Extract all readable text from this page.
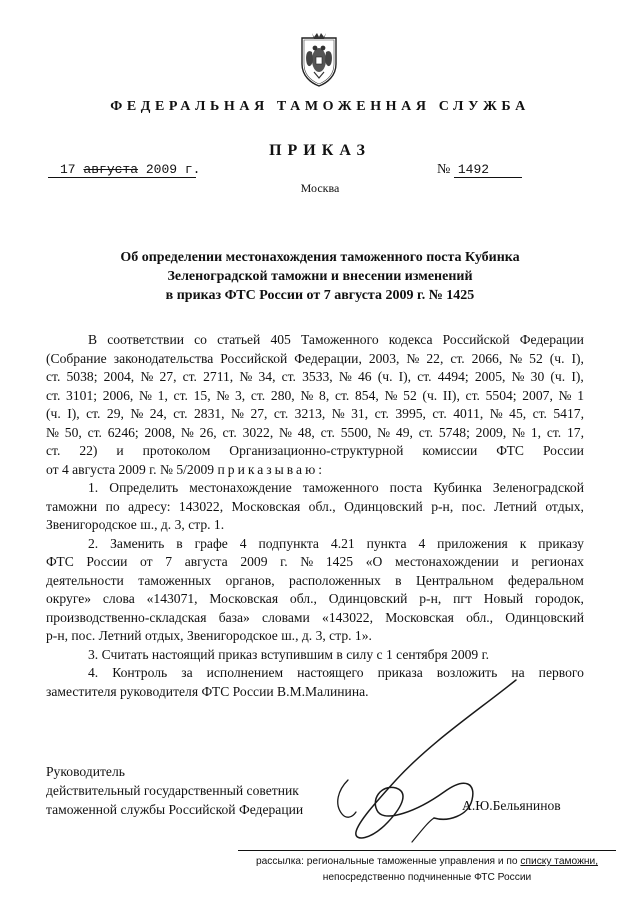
ФЕДЕРАЛЬНАЯ ТАМОЖЕННАЯ СЛУЖБА
ПРИКАЗ
17 августа 2009 г.	№ 1492
Москва
Об определении местонахождения таможенного поста Кубинка
Зеленоградской таможни и внесении изменений
в приказ ФТС России от 7 августа 2009 г. № 1425
В соответствии со статьей 405 Таможенного кодекса Российской Федерации
(Собрание законодательства Российской Федерации, 2003, № 22, ст. 2066, № 52 (ч. I),
ст. 5038; 2004, № 27, ст. 2711, № 34, ст. 3533, № 46 (ч. I), ст. 4494; 2005, № 30 (ч. I),
ст. 3101; 2006, № 1, ст. 15, № 3, ст. 280, № 8, ст. 854, № 52 (ч. II), ст. 5504; 2007, № 1
(ч. I), ст. 29, № 24, ст. 2831, № 27, ст. 3213, № 31, ст. 3995, ст. 4011, № 45, ст. 5417,
№ 50, ст. 6246; 2008, № 26, ст. 3022, № 48, ст. 5500, № 49, ст. 5748; 2009, № 1, ст. 17,
ст. 22) и протоколом Организационно-структурной комиссии ФТС России
от 4 августа 2009 г. № 5/2009 приказываю:
1. Определить местонахождение таможенного поста Кубинка Зеленоградской
таможни по адресу: 143022, Московская обл., Одинцовский р-н, пос. Летний отдых,
Звенигородское ш., д. 3, стр. 1.
2. Заменить в графе 4 подпункта 4.21 пункта 4 приложения к приказу
ФТС России от 7 августа 2009 г. № 1425 «О местонахождении и регионах
деятельности таможенных органов, расположенных в Центральном федеральном
округе» слова «143071, Московская обл., Одинцовский р-н, пгт Новый городок,
производственно-складская база» словами «143022, Московская обл., Одинцовский
р-н, пос. Летний отдых, Звенигородское ш., д. 3, стр. 1».
3. Считать настоящий приказ вступившим в силу с 1 сентября 2009 г.
4. Контроль за исполнением настоящего приказа возложить на первого
заместителя руководителя ФТС России В.М.Малинина.
Руководитель
действительный государственный советник
таможенной службы Российской Федерации	А.Ю.Бельянинов
рассылка: региональные таможенные управления и по списку таможни,
непосредственно подчиненные ФТС России
